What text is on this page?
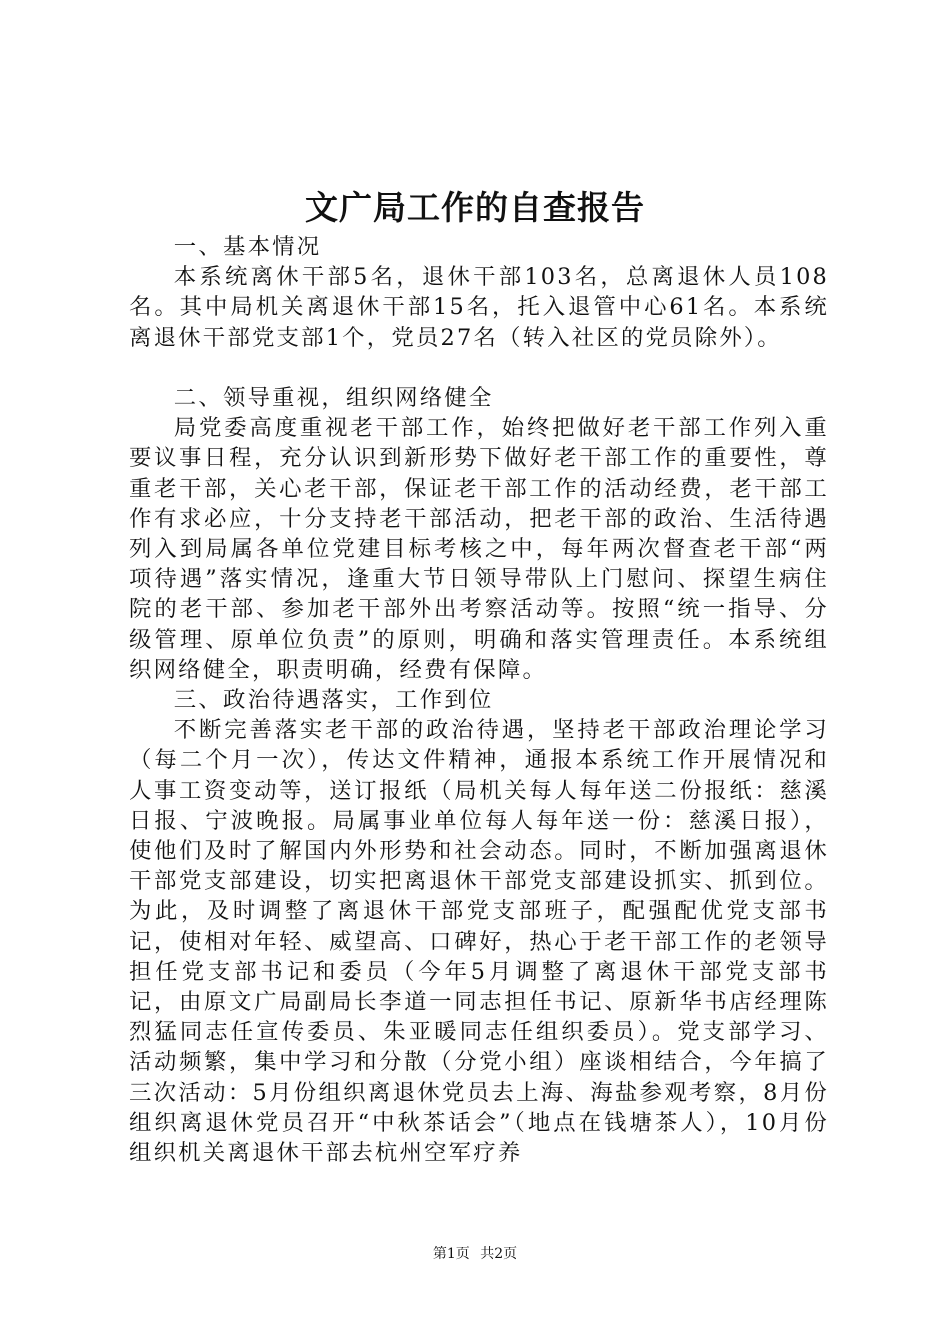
文广局工作的自查报告

一、基本情况

本系统离休干部5名，退休干部103名，总离退休人员108名。其中局机关离退休干部15名，托入退管中心61名。本系统离退休干部党支部1个，党员27名（转入社区的党员除外）。

二、领导重视，组织网络健全

局党委高度重视老干部工作，始终把做好老干部工作列入重要议事日程，充分认识到新形势下做好老干部工作的重要性，尊重老干部，关心老干部，保证老干部工作的活动经费，老干部工作有求必应，十分支持老干部活动，把老干部的政治、生活待遇列入到局属各单位党建目标考核之中，每年两次督查老干部“两项待遇”落实情况，逢重大节日领导带队上门慰问、探望生病住院的老干部、参加老干部外出考察活动等。按照“统一指导、分级管理、原单位负责”的原则，明确和落实管理责任。本系统组织网络健全，职责明确，经费有保障。

三、政治待遇落实，工作到位

不断完善落实老干部的政治待遇，坚持老干部政治理论学习（每二个月一次），传达文件精神，通报本系统工作开展情况和人事工资变动等，送订报纸（局机关每人每年送二份报纸：慈溪日报、宁波晚报。局属事业单位每人每年送一份：慈溪日报），使他们及时了解国内外形势和社会动态。同时，不断加强离退休干部党支部建设，切实把离退休干部党支部建设抓实、抓到位。为此，及时调整了离退休干部党支部班子，配强配优党支部书记，使相对年轻、威望高、口碑好，热心于老干部工作的老领导担任党支部书记和委员（今年5月调整了离退休干部党支部书记，由原文广局副局长李道一同志担任书记、原新华书店经理陈烈猛同志任宣传委员、朱亚暖同志任组织委员）。党支部学习、活动频繁，集中学习和分散（分党小组）座谈相结合，今年搞了三次活动：5月份组织离退休党员去上海、海盐参观考察，8月份组织离退休党员召开“中秋茶话会”（地点在钱塘茶人），10月份组织机关离退休干部去杭州空军疗养

第1页 共2页
